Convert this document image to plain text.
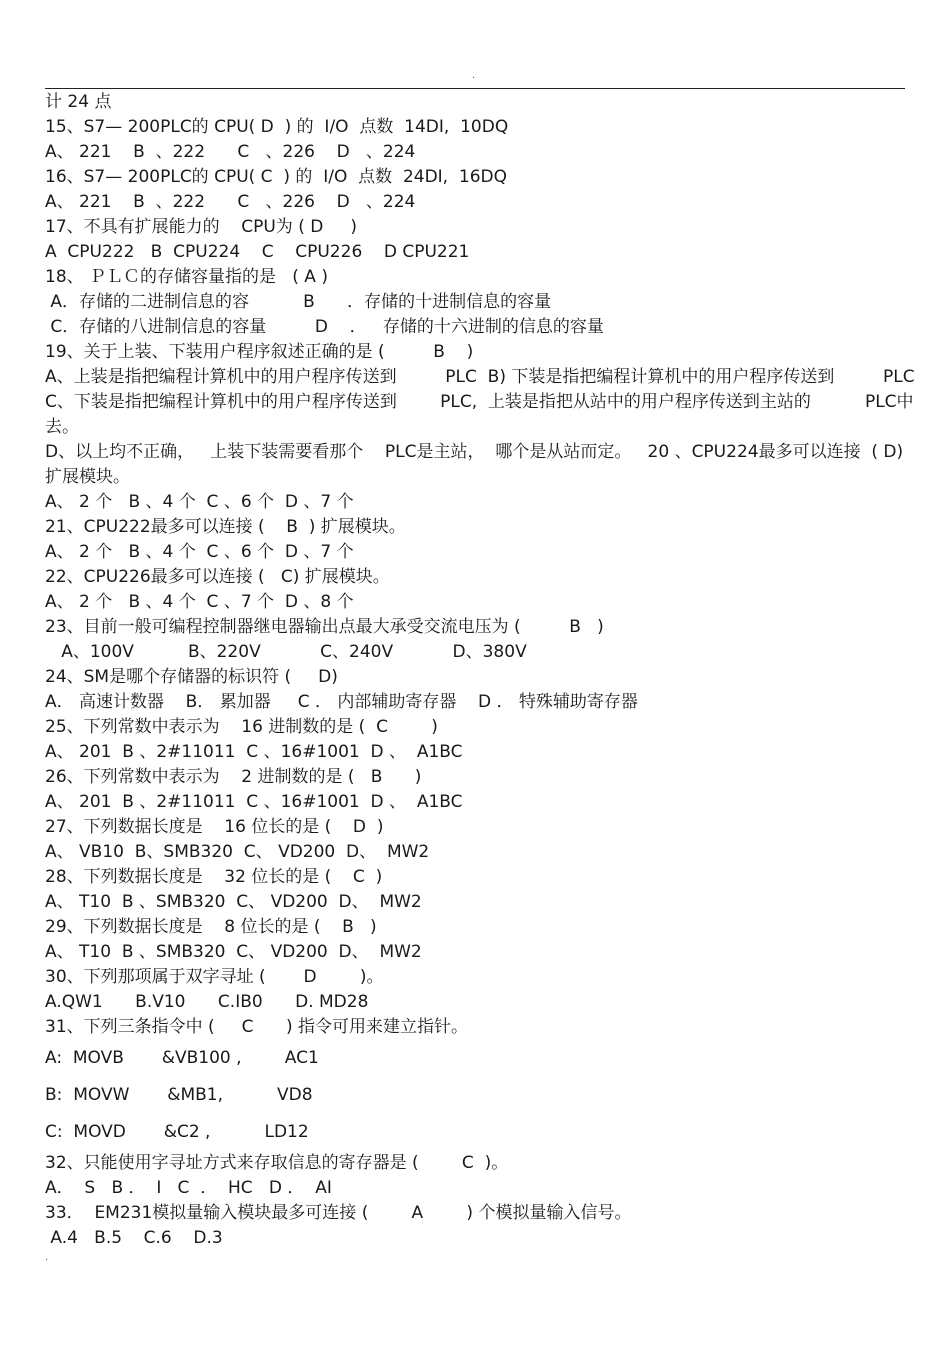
.
计 24 点
15、S7— 200PLC的 CPU( D  ) 的  I/O  点数  14DI,  10DQ
A、 221    B  、222      C   、226    D   、224
16、S7— 200PLC的 CPU( C  ) 的  I/O  点数  24DI,  16DQ
A、 221    B  、222      C   、226    D   、224
17、不具有扩展能力的    CPU为 ( D     )
A  CPU222   B  CPU224    C    CPU226    D CPU221
18、 ＰＬＣ的存储容量指的是   ( A )
A．存储的二进制信息的容          B      ．存储的十进制信息的容量
C．存储的八进制信息的容量         D    ．   存储的十六进制的信息的容量
19、关于上装、下装用户程序叙述正确的是 (         B    )
A、上装是指把编程计算机中的用户程序传送到         PLC  B) 下装是指把编程计算机中的用户程序传送到         PLC
C、下装是指把编程计算机中的用户程序传送到        PLC,  上装是指把从站中的用户程序传送到主站的          PLC中
去。
D、以上均不正确，   上装下装需要看那个    PLC是主站，  哪个是从站而定。   20 、CPU224最多可以连接  ( D)
扩展模块。
A、 2 个   B 、4 个  C 、6 个  D 、7 个
21、CPU222最多可以连接 (    B  ) 扩展模块。
A、 2 个   B 、4 个  C 、6 个  D 、7 个
22、CPU226最多可以连接 (   C) 扩展模块。
A、 2 个   B 、4 个  C 、7 个  D 、8 个
23、目前一般可编程控制器继电器输出点最大承受交流电压为 (         B   )
A、100V          B、220V           C、240V           D、380V
24、SM是哪个存储器的标识符 (     D)
A． 高速计数器    B． 累加器     C ． 内部辅助寄存器    D ． 特殊辅助寄存器
25、下列常数中表示为    16 进制数的是 (  C        )
A、 201  B 、2#11011  C 、16#1001  D 、  A1BC
26、下列常数中表示为    2 进制数的是 (   B      )
A、 201  B 、2#11011  C 、16#1001  D 、  A1BC
27、下列数据长度是    16 位长的是 (    D  )
A、 VB10  B、SMB320  C、 VD200  D、  MW2
28、下列数据长度是    32 位长的是 (    C  )
A、 T10  B 、SMB320  C、 VD200  D、  MW2
29、下列数据长度是    8 位长的是 (    B   )
A、 T10  B 、SMB320  C、 VD200  D、  MW2
30、下列那项属于双字寻址 (       D        )。
A.QW1      B.V10      C.IB0      D. MD28
31、下列三条指令中 (     C      ) 指令可用来建立指针。
A:  MOVB       &VB100 ,        AC1
B:  MOVW       &MB1,          VD8
C:  MOVD       &C2 ,          LD12
32、只能使用字寻址方式来存取信息的寄存器是 (        C  )。
A．  S   B ．  I   C  ．  HC   D ．  AI
33．  EM231模拟量输入模块最多可连接 (        A        ) 个模拟量输入信号。
A.4   B.5    C.6    D.3
.
